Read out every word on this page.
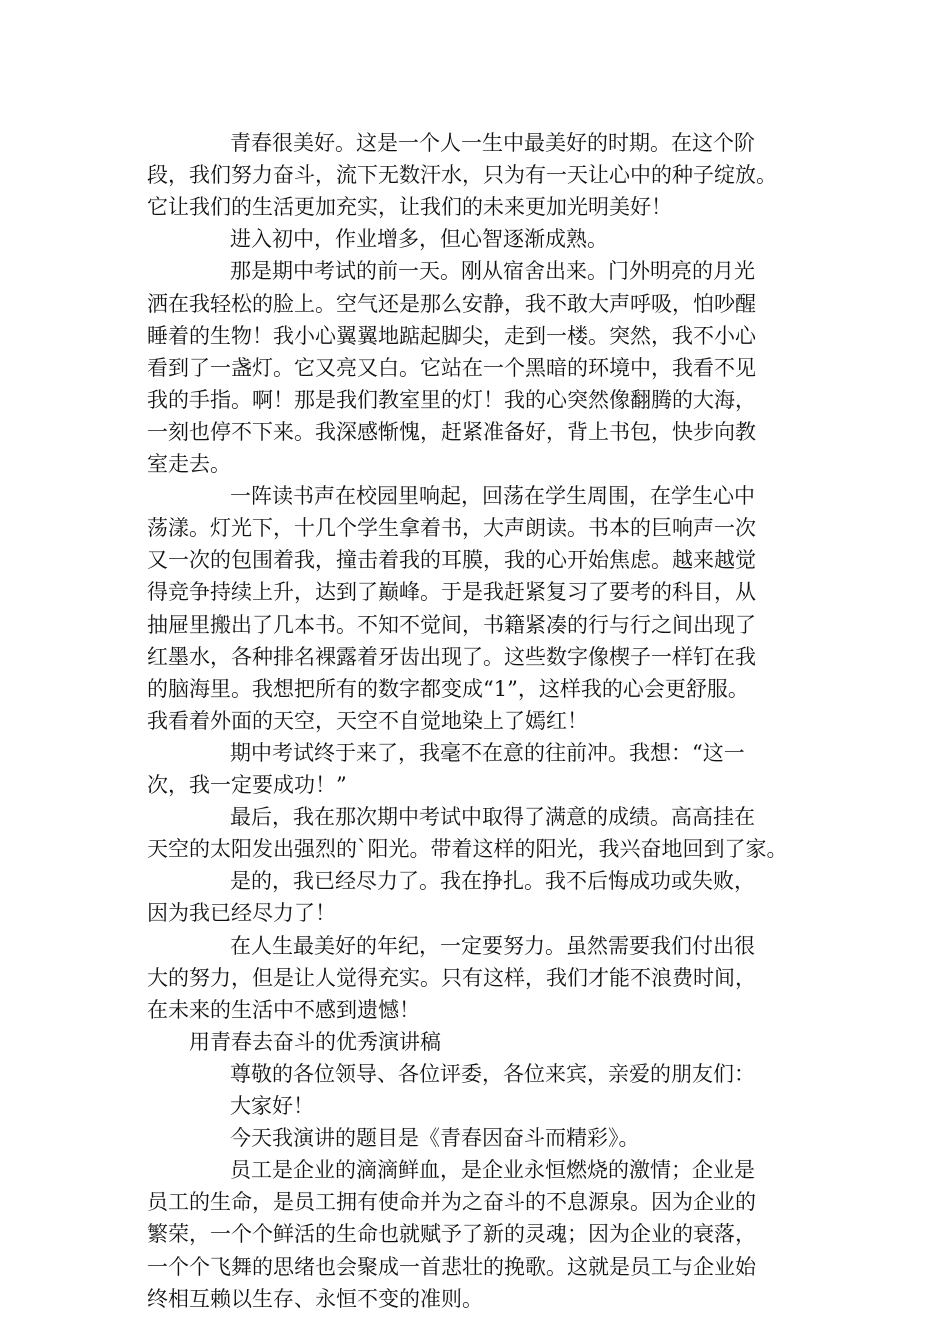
青春很美好。这是一个人一生中最美好的时期。在这个阶
段，我们努力奋斗，流下无数汗水，只为有一天让心中的种子绽放。
它让我们的生活更加充实，让我们的未来更加光明美好！
进入初中，作业增多，但心智逐渐成熟。
那是期中考试的前一天。刚从宿舍出来。门外明亮的月光
洒在我轻松的脸上。空气还是那么安静，我不敢大声呼吸，怕吵醒
睡着的生物！我小心翼翼地踮起脚尖，走到一楼。突然，我不小心
看到了一盏灯。它又亮又白。它站在一个黑暗的环境中，我看不见
我的手指。啊！那是我们教室里的灯！我的心突然像翻腾的大海，
一刻也停不下来。我深感惭愧，赶紧准备好，背上书包，快步向教
室走去。
一阵读书声在校园里响起，回荡在学生周围，在学生心中
荡漾。灯光下，十几个学生拿着书，大声朗读。书本的巨响声一次
又一次的包围着我，撞击着我的耳膜，我的心开始焦虑。越来越觉
得竞争持续上升，达到了巅峰。于是我赶紧复习了要考的科目，从
抽屉里搬出了几本书。不知不觉间，书籍紧凑的行与行之间出现了
红墨水，各种排名裸露着牙齿出现了。这些数字像楔子一样钉在我
的脑海里。我想把所有的数字都变成“1”，这样我的心会更舒服。
我看着外面的天空，天空不自觉地染上了嫣红！
期中考试终于来了，我毫不在意的往前冲。我想：“这一
次，我一定要成功！”
最后，我在那次期中考试中取得了满意的成绩。高高挂在
天空的太阳发出强烈的`阳光。带着这样的阳光，我兴奋地回到了家。
是的，我已经尽力了。我在挣扎。我不后悔成功或失败，
因为我已经尽力了！
在人生最美好的年纪，一定要努力。虽然需要我们付出很
大的努力，但是让人觉得充实。只有这样，我们才能不浪费时间，
在未来的生活中不感到遗憾！
用青春去奋斗的优秀演讲稿
尊敬的各位领导、各位评委，各位来宾，亲爱的朋友们：
大家好！
今天我演讲的题目是《青春因奋斗而精彩》。
员工是企业的滴滴鲜血，是企业永恒燃烧的激情；企业是
员工的生命，是员工拥有使命并为之奋斗的不息源泉。因为企业的
繁荣，一个个鲜活的生命也就赋予了新的灵魂；因为企业的衰落，
一个个飞舞的思绪也会聚成一首悲壮的挽歌。这就是员工与企业始
终相互赖以生存、永恒不变的准则。
